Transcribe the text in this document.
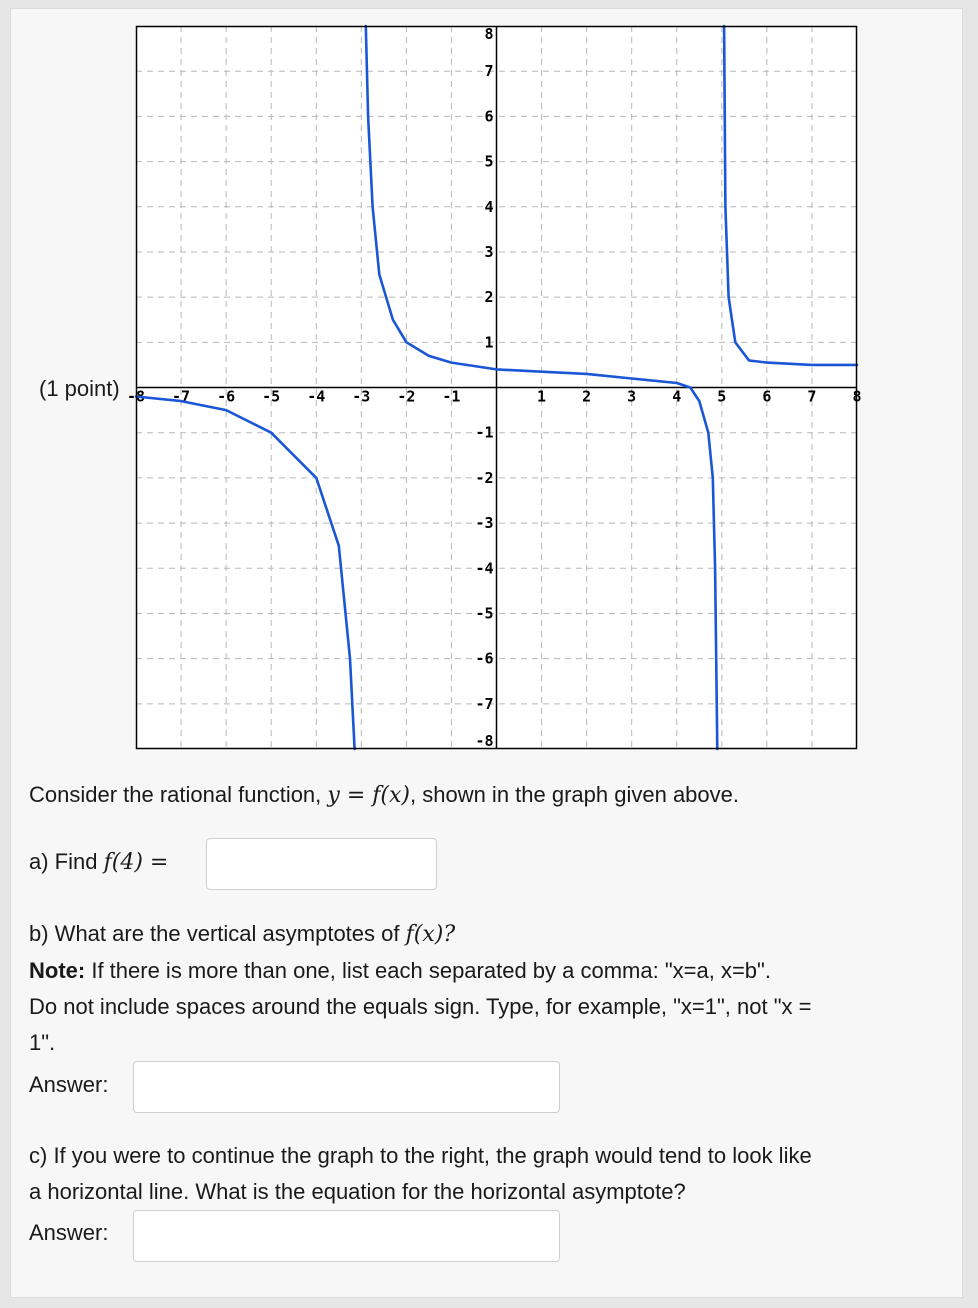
(1 point) -8 -7 -6 -5 -4 -3 -2 -1	1 2 3 4 5 6 7 8
8
7
6
5
4
3
2
1
-1
-2
-3
-4
-5
-6
-7
-8
Consider the rational function, y = f(x), shown in the graph given above.
a) Find f(4) =
b) What are the vertical asymptotes of f(x)?
Note: If there is more than one, list each separated by a comma: "x=a, x=b".
Do not include spaces around the equals sign. Type, for example, "x=1", not "x =
1".
Answer:
c) If you were to continue the graph to the right, the graph would tend to look like
a horizontal line. What is the equation for the horizontal asymptote?
Answer:
